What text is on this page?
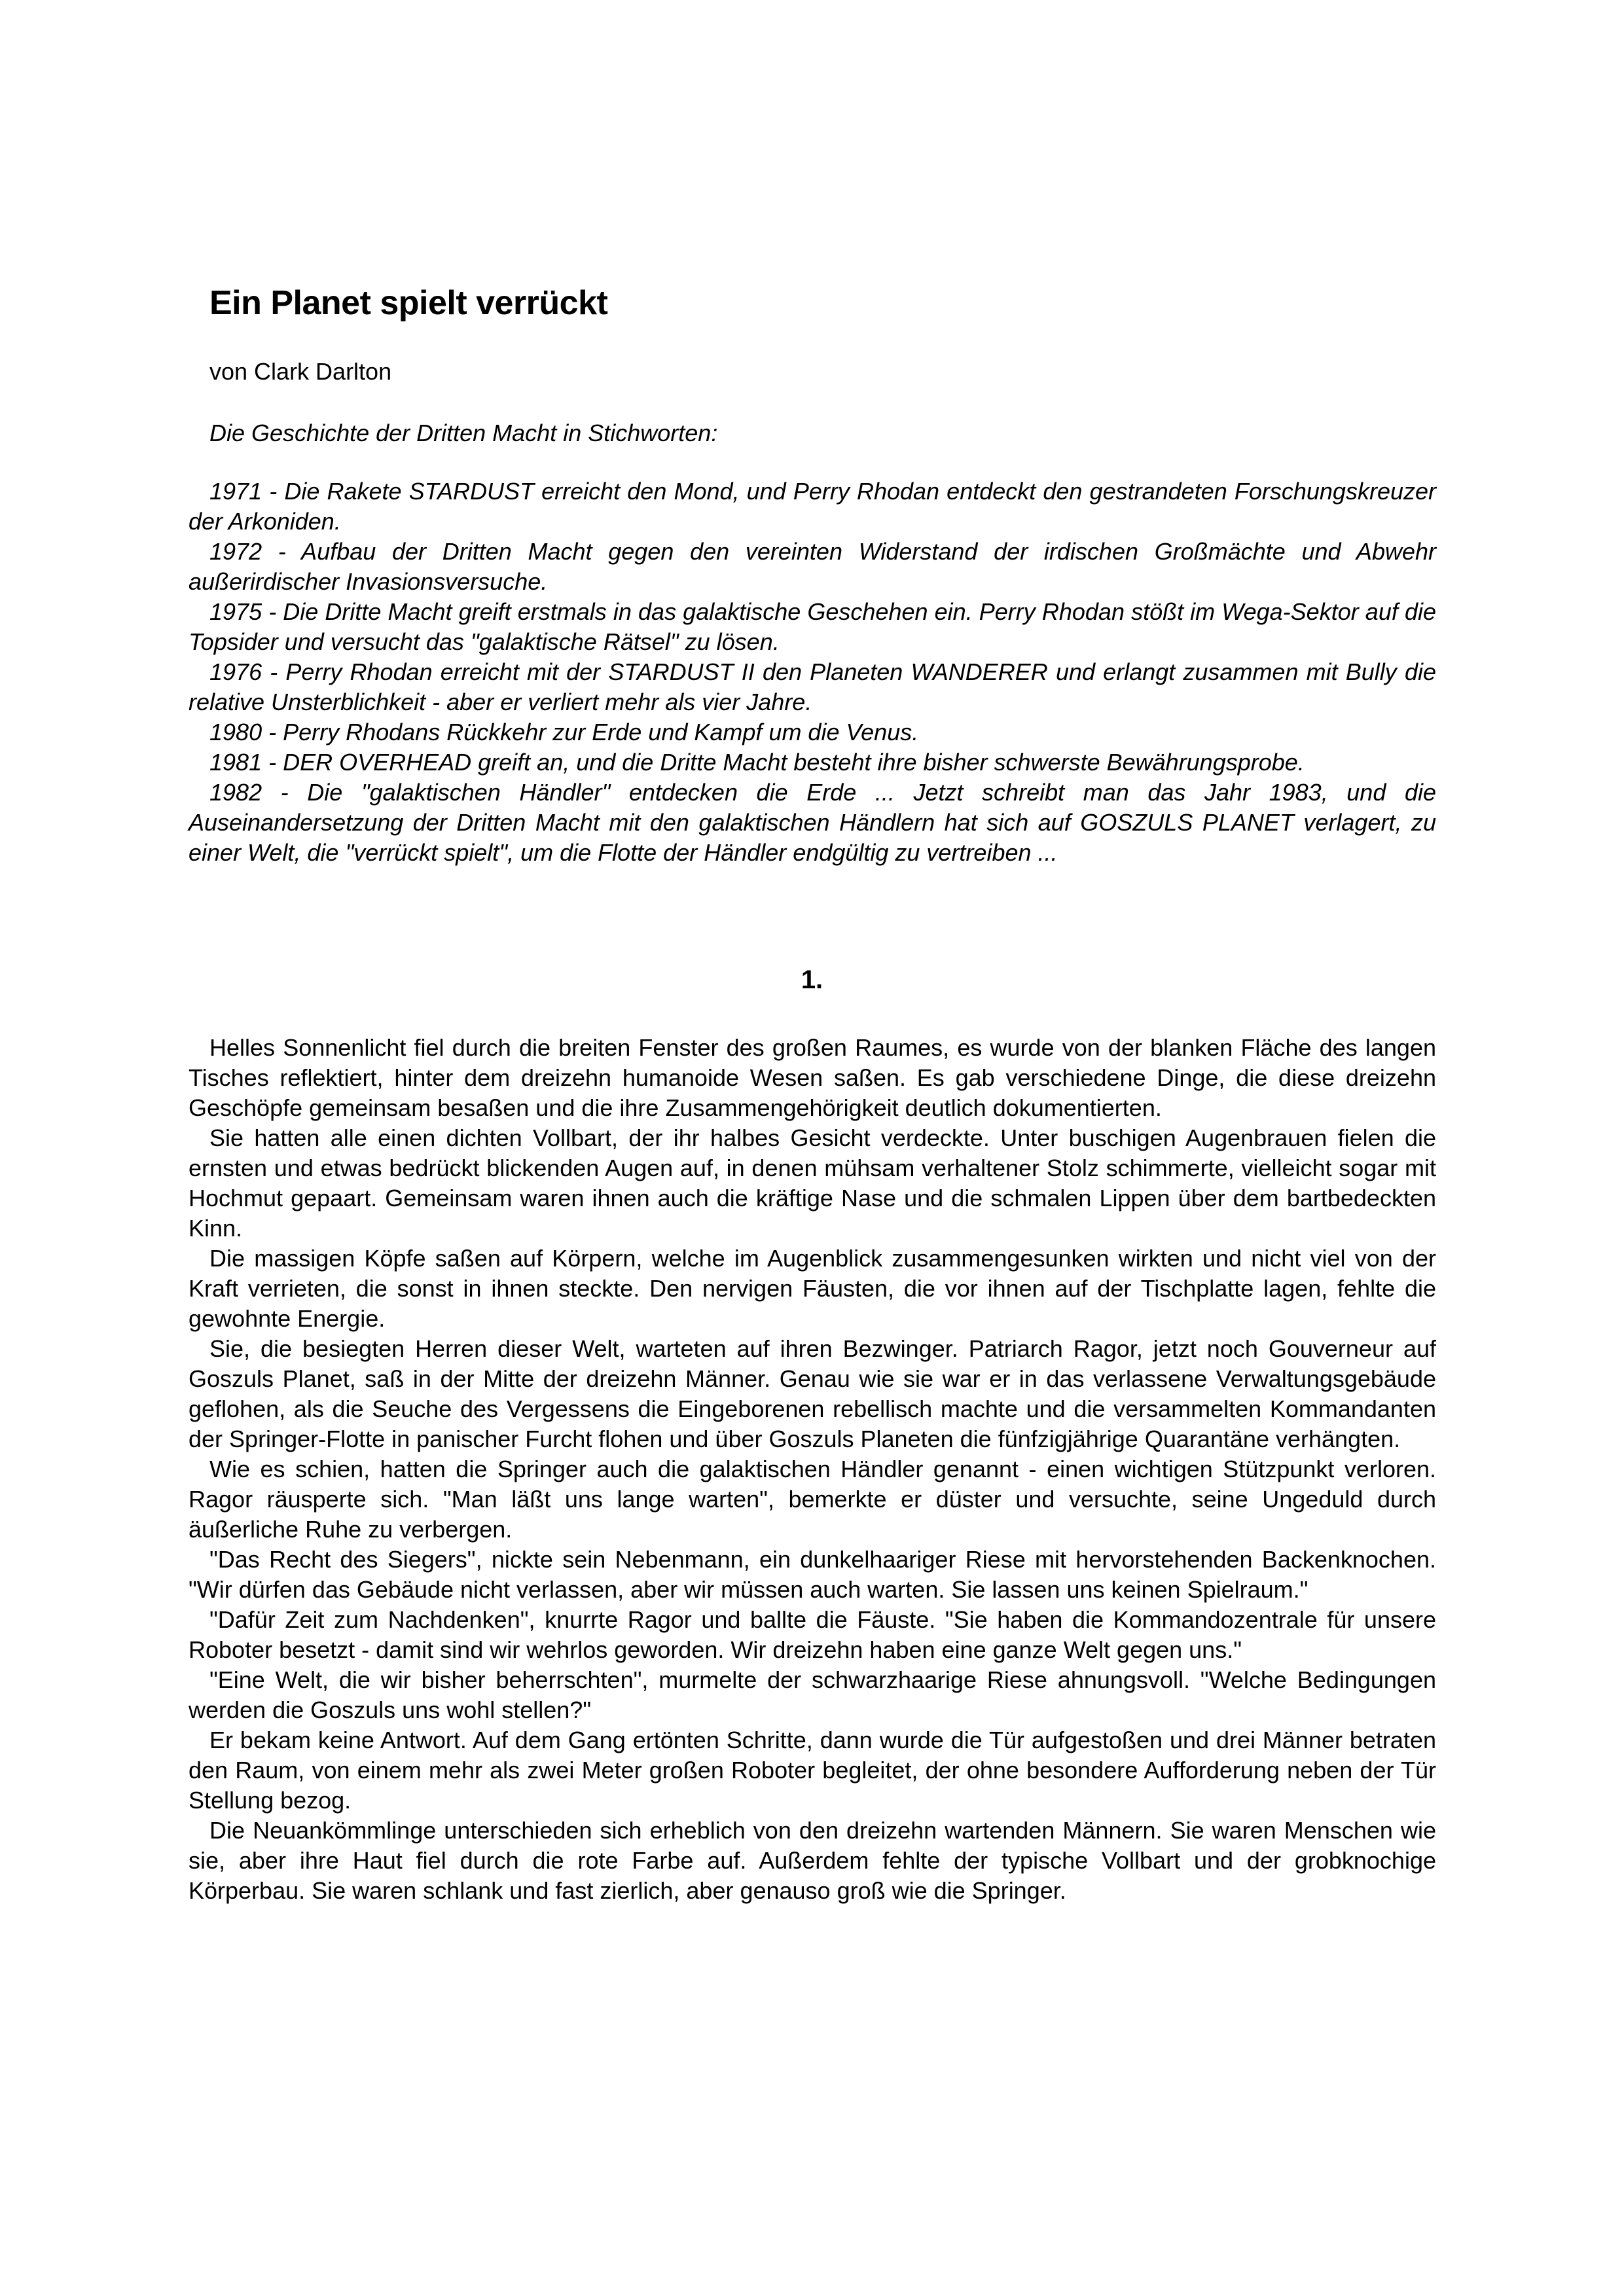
Ein Planet spielt verrückt
von Clark Darlton
Die Geschichte der Dritten Macht in Stichworten:

1971 - Die Rakete STARDUST erreicht den Mond, und Perry Rhodan entdeckt den gestrandeten Forschungskreuzer der Arkoniden.

1972 - Aufbau der Dritten Macht gegen den vereinten Widerstand der irdischen Großmächte und Abwehr außerirdischer Invasionsversuche.

1975 - Die Dritte Macht greift erstmals in das galaktische Geschehen ein. Perry Rhodan stößt im Wega-Sektor auf die Topsider und versucht das "galaktische Rätsel" zu lösen.

1976 - Perry Rhodan erreicht mit der STARDUST II den Planeten WANDERER und erlangt zusammen mit Bully die relative Unsterblichkeit - aber er verliert mehr als vier Jahre.

1980 - Perry Rhodans Rückkehr zur Erde und Kampf um die Venus.

1981 - DER OVERHEAD greift an, und die Dritte Macht besteht ihre bisher schwerste Bewährungsprobe.

1982 - Die "galaktischen Händler" entdecken die Erde ... Jetzt schreibt man das Jahr 1983, und die Auseinandersetzung der Dritten Macht mit den galaktischen Händlern hat sich auf GOSZULS PLANET verlagert, zu einer Welt, die "verrückt spielt", um die Flotte der Händler endgültig zu vertreiben ...

1.

Helles Sonnenlicht fiel durch die breiten Fenster des großen Raumes, es wurde von der blanken Fläche des langen Tisches reflektiert, hinter dem dreizehn humanoide Wesen saßen. Es gab verschiedene Dinge, die diese dreizehn Geschöpfe gemeinsam besaßen und die ihre Zusammengehörigkeit deutlich dokumentierten.

Sie hatten alle einen dichten Vollbart, der ihr halbes Gesicht verdeckte. Unter buschigen Augenbrauen fielen die ernsten und etwas bedrückt blickenden Augen auf, in denen mühsam verhaltener Stolz schimmerte, vielleicht sogar mit Hochmut gepaart. Gemeinsam waren ihnen auch die kräftige Nase und die schmalen Lippen über dem bartbedeckten Kinn.

Die massigen Köpfe saßen auf Körpern, welche im Augenblick zusammengesunken wirkten und nicht viel von der Kraft verrieten, die sonst in ihnen steckte. Den nervigen Fäusten, die vor ihnen auf der Tischplatte lagen, fehlte die gewohnte Energie.

Sie, die besiegten Herren dieser Welt, warteten auf ihren Bezwinger. Patriarch Ragor, jetzt noch Gouverneur auf Goszuls Planet, saß in der Mitte der dreizehn Männer. Genau wie sie war er in das verlassene Verwaltungsgebäude geflohen, als die Seuche des Vergessens die Eingeborenen rebellisch machte und die versammelten Kommandanten der Springer-Flotte in panischer Furcht flohen und über Goszuls Planeten die fünfzigjährige Quarantäne verhängten.

Wie es schien, hatten die Springer auch die galaktischen Händler genannt - einen wichtigen Stützpunkt verloren. Ragor räusperte sich. "Man läßt uns lange warten", bemerkte er düster und versuchte, seine Ungeduld durch äußerliche Ruhe zu verbergen.

"Das Recht des Siegers", nickte sein Nebenmann, ein dunkelhaariger Riese mit hervorstehenden Backenknochen. "Wir dürfen das Gebäude nicht verlassen, aber wir müssen auch warten. Sie lassen uns keinen Spielraum."

"Dafür Zeit zum Nachdenken", knurrte Ragor und ballte die Fäuste. "Sie haben die Kommandozentrale für unsere Roboter besetzt - damit sind wir wehrlos geworden. Wir dreizehn haben eine ganze Welt gegen uns."

"Eine Welt, die wir bisher beherrschten", murmelte der schwarzhaarige Riese ahnungsvoll. "Welche Bedingungen werden die Goszuls uns wohl stellen?"

Er bekam keine Antwort. Auf dem Gang ertönten Schritte, dann wurde die Tür aufgestoßen und drei Männer betraten den Raum, von einem mehr als zwei Meter großen Roboter begleitet, der ohne besondere Aufforderung neben der Tür Stellung bezog.

Die Neuankömmlinge unterschieden sich erheblich von den dreizehn wartenden Männern. Sie waren Menschen wie sie, aber ihre Haut fiel durch die rote Farbe auf. Außerdem fehlte der typische Vollbart und der grobknochige Körperbau. Sie waren schlank und fast zierlich, aber genauso groß wie die Springer.
